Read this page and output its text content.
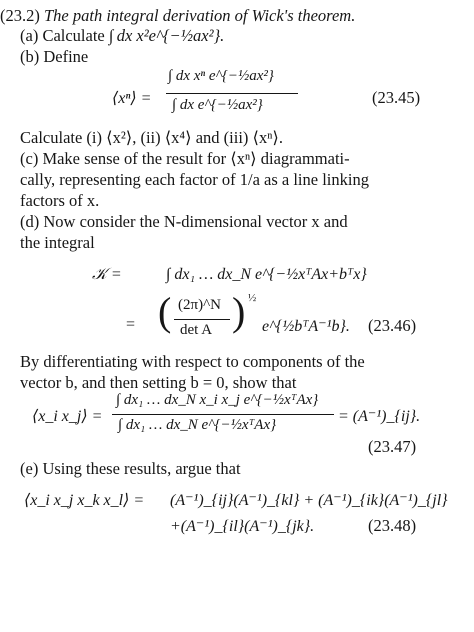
(23.2) The path integral derivation of Wick's theorem.
(a) Calculate ∫ dx x²e^{−½ax²}.
(b) Define
⟨xⁿ⟩ =
∫ dx xⁿ e^{−½ax²}
∫ dx e^{−½ax²}	(23.45)
Calculate (i) ⟨x²⟩, (ii) ⟨x⁴⟩ and (iii) ⟨xⁿ⟩.
(c) Make sense of the result for ⟨xⁿ⟩ diagrammati-
cally, representing each factor of 1/a as a line linking
factors of x.
(d) Now consider the N-dimensional vector x and
the integral
𝒦 =	∫ dx₁ … dx_N e^{−½xᵀAx+bᵀx}
= ( (2π)^N
det A ) ½
e^{½bᵀA⁻¹b}. (23.46)
By differentiating with respect to components of the
vector b, and then setting b = 0, show that
⟨x_i x_j⟩ =
∫ dx₁ … dx_N x_i x_j e^{−½xᵀAx}
∫ dx₁ … dx_N e^{−½xᵀAx}	= (A⁻¹)_{ij}.
(23.47)
(e) Using these results, argue that
⟨x_i x_j x_k x_l⟩ = (A⁻¹)_{ij}(A⁻¹)_{kl} + (A⁻¹)_{ik}(A⁻¹)_{jl}
+(A⁻¹)_{il}(A⁻¹)_{jk}.	(23.48)
